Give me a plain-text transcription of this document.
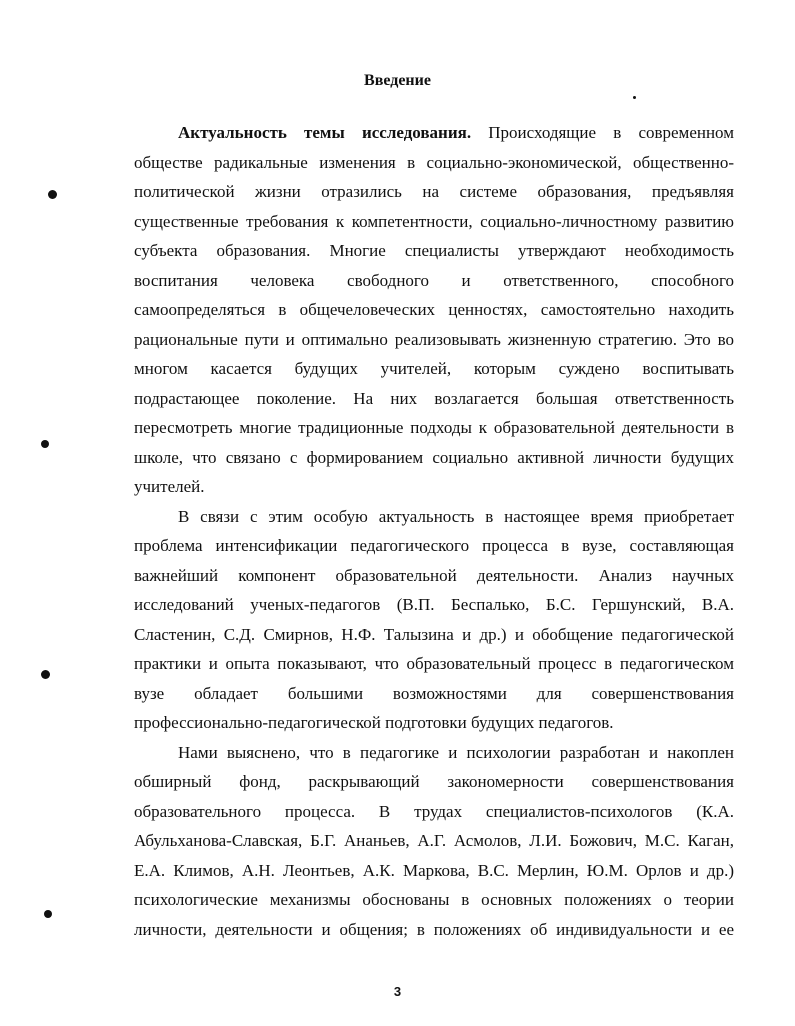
Введение
Актуальность темы исследования. Происходящие в современном
обществе радикальные изменения в социально-экономической, общественно-
политической жизни отразились на системе образования, предъявляя
существенные требования к компетентности, социально-личностному развитию
субъекта образования. Многие специалисты утверждают необходимость
воспитания человека свободного и ответственного, способного
самоопределяться в общечеловеческих ценностях, самостоятельно находить
рациональные пути и оптимально реализовывать жизненную стратегию. Это во
многом касается будущих учителей, которым суждено воспитывать
подрастающее поколение. На них возлагается большая ответственность
пересмотреть многие традиционные подходы к образовательной деятельности в
школе, что связано с формированием социально активной личности будущих
учителей.
В связи с этим особую актуальность в настоящее время приобретает
проблема интенсификации педагогического процесса в вузе, составляющая
важнейший компонент образовательной деятельности. Анализ научных
исследований ученых-педагогов (В.П. Беспалько, Б.С. Гершунский, В.А.
Сластенин, С.Д. Смирнов, Н.Ф. Талызина и др.) и обобщение педагогической
практики и опыта показывают, что образовательный процесс в педагогическом
вузе обладает большими возможностями для совершенствования
профессионально-педагогической подготовки будущих педагогов.
Нами выяснено, что в педагогике и психологии разработан и накоплен
обширный фонд, раскрывающий закономерности совершенствования
образовательного процесса. В трудах специалистов-психологов (К.А.
Абульханова-Славская, Б.Г. Ананьев, А.Г. Асмолов, Л.И. Божович, М.С. Каган,
Е.А. Климов, А.Н. Леонтьев, А.К. Маркова, В.С. Мерлин, Ю.М. Орлов и др.)
психологические механизмы обоснованы в основных положениях о теории
личности, деятельности и общения; в положениях об индивидуальности и ее
3
